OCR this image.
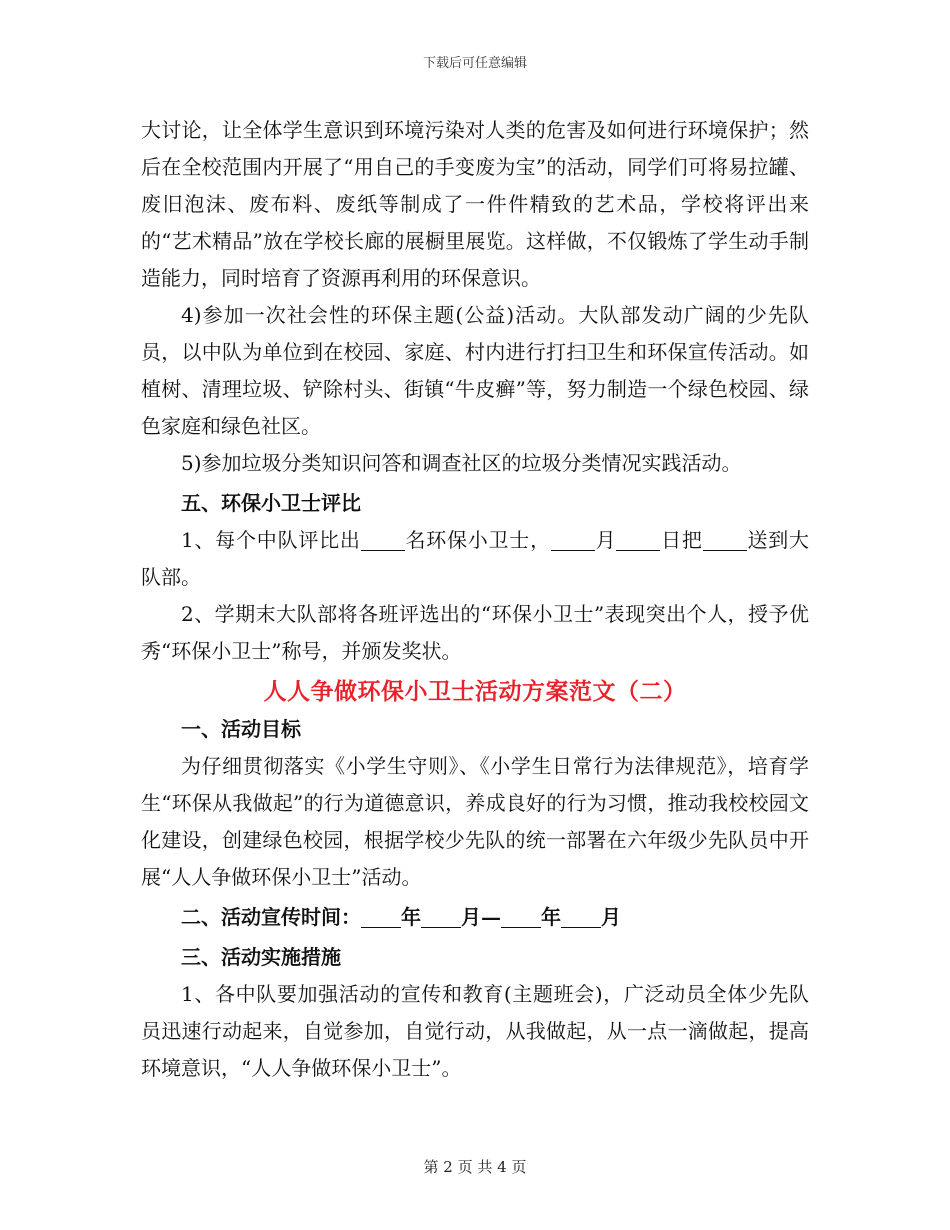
下载后可任意编辑

大讨论，让全体学生意识到环境污染对人类的危害及如何进行环境保护；然后在全校范围内开展了“用自己的手变废为宝”的活动，同学们可将易拉罐、废旧泡沫、废布料、废纸等制成了一件件精致的艺术品，学校将评出来的“艺术精品”放在学校长廊的展橱里展览。这样做，不仅锻炼了学生动手制造能力，同时培育了资源再利用的环保意识。

4)参加一次社会性的环保主题(公益)活动。大队部发动广阔的少先队员，以中队为单位到在校园、家庭、村内进行打扫卫生和环保宣传活动。如植树、清理垃圾、铲除村头、街镇“牛皮癣”等，努力制造一个绿色校园、绿色家庭和绿色社区。

5)参加垃圾分类知识问答和调查社区的垃圾分类情况实践活动。

五、环保小卫士评比

1、每个中队评比出 名环保小卫士， 月 日把 送到大队部。

2、学期末大队部将各班评选出的“环保小卫士”表现突出个人，授予优秀“环保小卫士”称号，并颁发奖状。

人人争做环保小卫士活动方案范文（二）

一、活动目标

为仔细贯彻落实《小学生守则》、《小学生日常行为法律规范》，培育学生“环保从我做起”的行为道德意识，养成良好的行为习惯，推动我校校园文化建设，创建绿色校园，根据学校少先队的统一部署在六年级少先队员中开展“人人争做环保小卫士”活动。

二、活动宣传时间： 年 月— 年 月

三、活动实施措施

1、各中队要加强活动的宣传和教育(主题班会)，广泛动员全体少先队员迅速行动起来，自觉参加，自觉行动，从我做起，从一点一滴做起，提高环境意识，“人人争做环保小卫士”。

第 2 页 共 4 页
